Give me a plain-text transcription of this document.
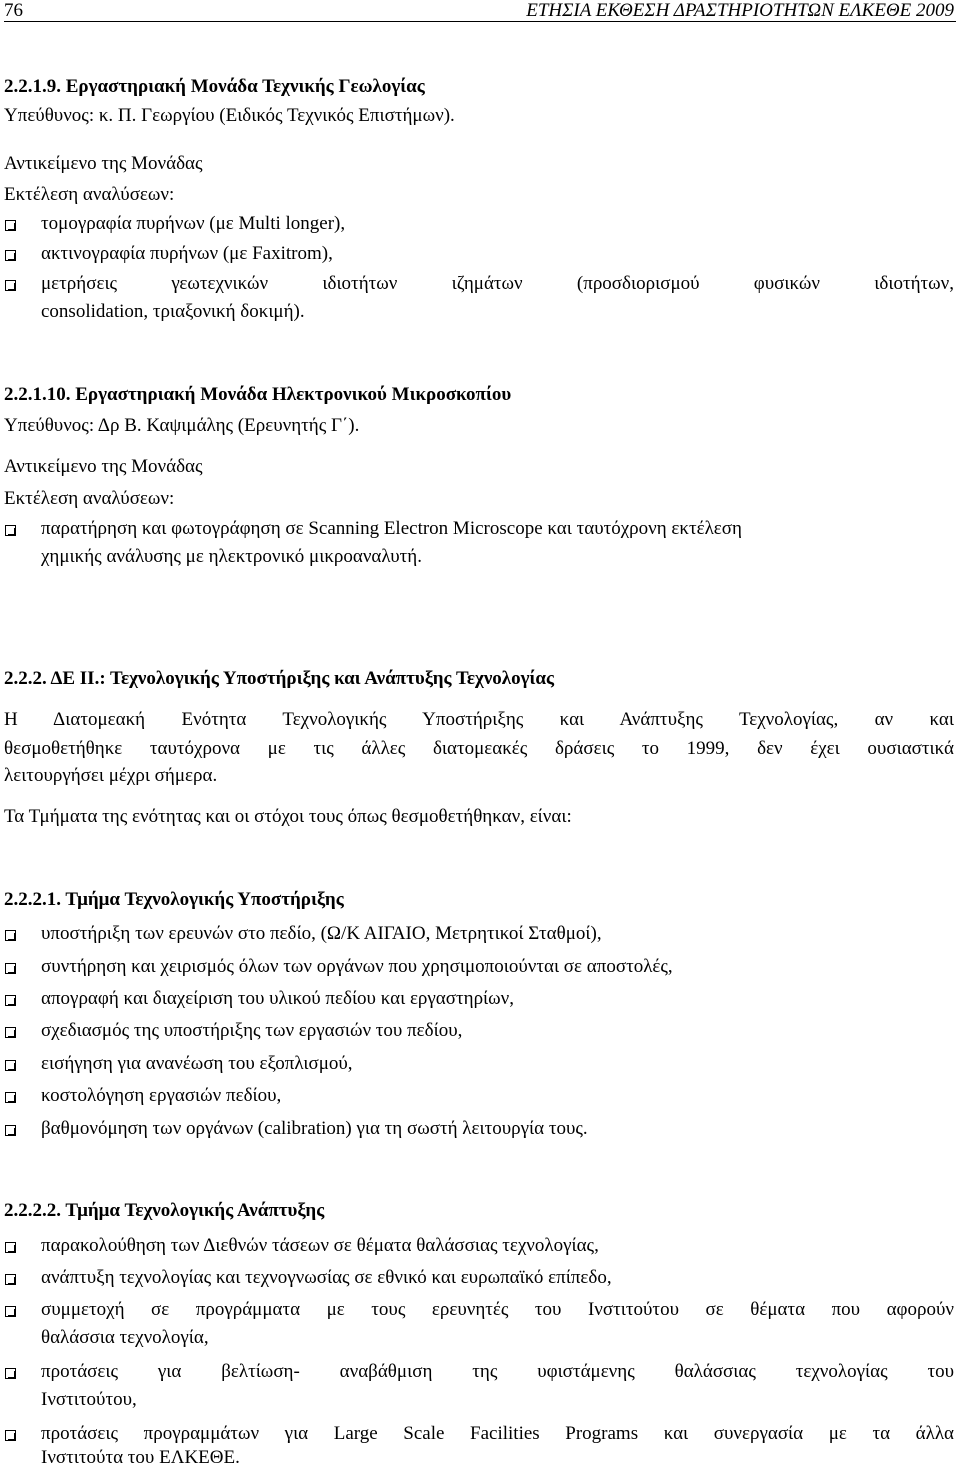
76	ΕΤΗΣΙΑ ΕΚΘΕΣΗ ΔΡΑΣΤΗΡΙΟΤΗΤΩΝ ΕΛΚΕΘΕ 2009
2.2.1.9. Εργαστηριακή Μονάδα Τεχνικής Γεωλογίας
Υπεύθυνος: κ. Π. Γεωργίου (Ειδικός Τεχνικός Επιστήμων).
Αντικείμενο της Μονάδας
Εκτέλεση αναλύσεων:
τομογραφία πυρήνων (με Multi longer),
ακτινογραφία πυρήνων (με Faxitrom),
μετρήσεις γεωτεχνικών ιδιοτήτων ιζημάτων (προσδιορισμού φυσικών ιδιοτήτων,
consolidation, τριαξονική δοκιμή).
2.2.1.10. Εργαστηριακή Μονάδα Ηλεκτρονικού Μικροσκοπίου
Υπεύθυνος: Δρ Β. Καψιμάλης (Ερευνητής Γ΄).
Αντικείμενο της Μονάδας
Εκτέλεση αναλύσεων:
παρατήρηση και φωτογράφηση σε Scanning Electron Microscope και ταυτόχρονη εκτέλεση
χημικής ανάλυσης με ηλεκτρονικό μικροαναλυτή.
2.2.2. ΔΕ ΙΙ.: Τεχνολογικής Υποστήριξης και Ανάπτυξης Τεχνολογίας
Η Διατομεακή Ενότητα Τεχνολογικής Υποστήριξης και Ανάπτυξης Τεχνολογίας, αν και
θεσμοθετήθηκε ταυτόχρονα με τις άλλες διατομεακές δράσεις το 1999, δεν έχει ουσιαστικά
λειτουργήσει μέχρι σήμερα.
Τα Τμήματα της ενότητας και οι στόχοι τους όπως θεσμοθετήθηκαν, είναι:
2.2.2.1. Τμήμα Τεχνολογικής Υποστήριξης
υποστήριξη των ερευνών στο πεδίο, (Ω/Κ ΑΙΓΑΙΟ, Μετρητικοί Σταθμοί),
συντήρηση και χειρισμός όλων των οργάνων που χρησιμοποιούνται σε αποστολές,
απογραφή και διαχείριση του υλικού πεδίου και εργαστηρίων,
σχεδιασμός της υποστήριξης των εργασιών του πεδίου,
εισήγηση για ανανέωση του εξοπλισμού,
κοστολόγηση εργασιών πεδίου,
βαθμονόμηση των οργάνων (calibration) για τη σωστή λειτουργία τους.
2.2.2.2. Τμήμα Τεχνολογικής Ανάπτυξης
παρακολούθηση των Διεθνών τάσεων σε θέματα θαλάσσιας τεχνολογίας,
ανάπτυξη τεχνολογίας και τεχνογνωσίας σε εθνικό και ευρωπαϊκό επίπεδο,
συμμετοχή σε προγράμματα με τους ερευνητές του Ινστιτούτου σε θέματα που αφορούν
θαλάσσια τεχνολογία,
προτάσεις για βελτίωση- αναβάθμιση της υφιστάμενης θαλάσσιας τεχνολογίας του
Ινστιτούτου,
προτάσεις προγραμμάτων για Large Scale Facilities Programs και συνεργασία με τα άλλα
Ινστιτούτα του ΕΛΚΕΘΕ.
